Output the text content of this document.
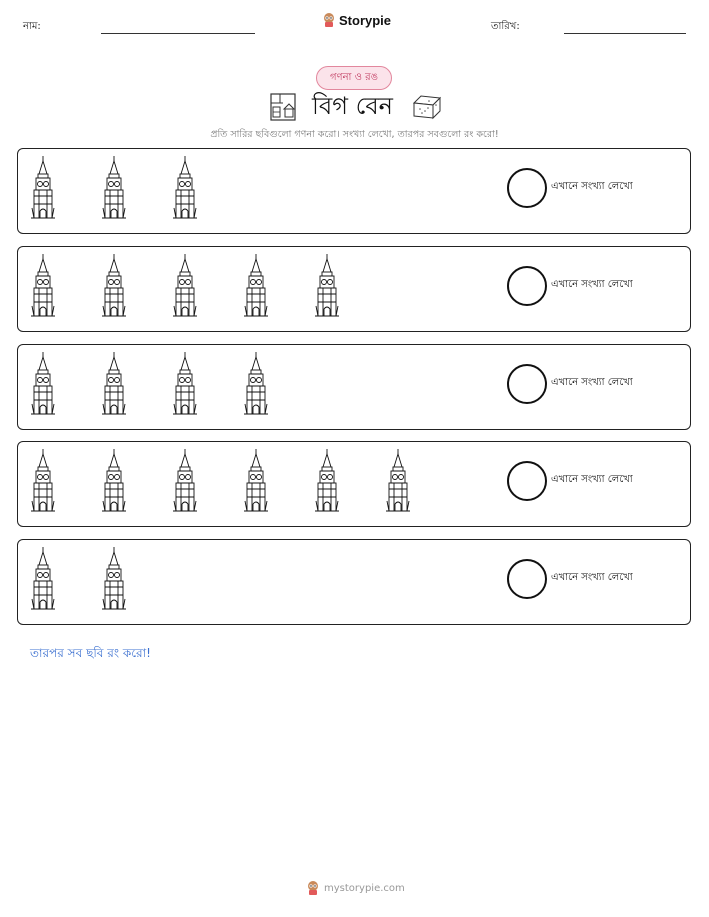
নাম:	Storypie	তারিখ:
গণনা ও রঙ
বিগ বেন
প্রতি সারির ছবিগুলো গণনা করো। সংখ্যা লেখো, তারপর সবগুলো রং করো!
এখানে সংখ্যা লেখো
এখানে সংখ্যা লেখো
এখানে সংখ্যা লেখো
এখানে সংখ্যা লেখো
এখানে সংখ্যা লেখো
তারপর সব ছবি রং করো!
mystorypie.com
